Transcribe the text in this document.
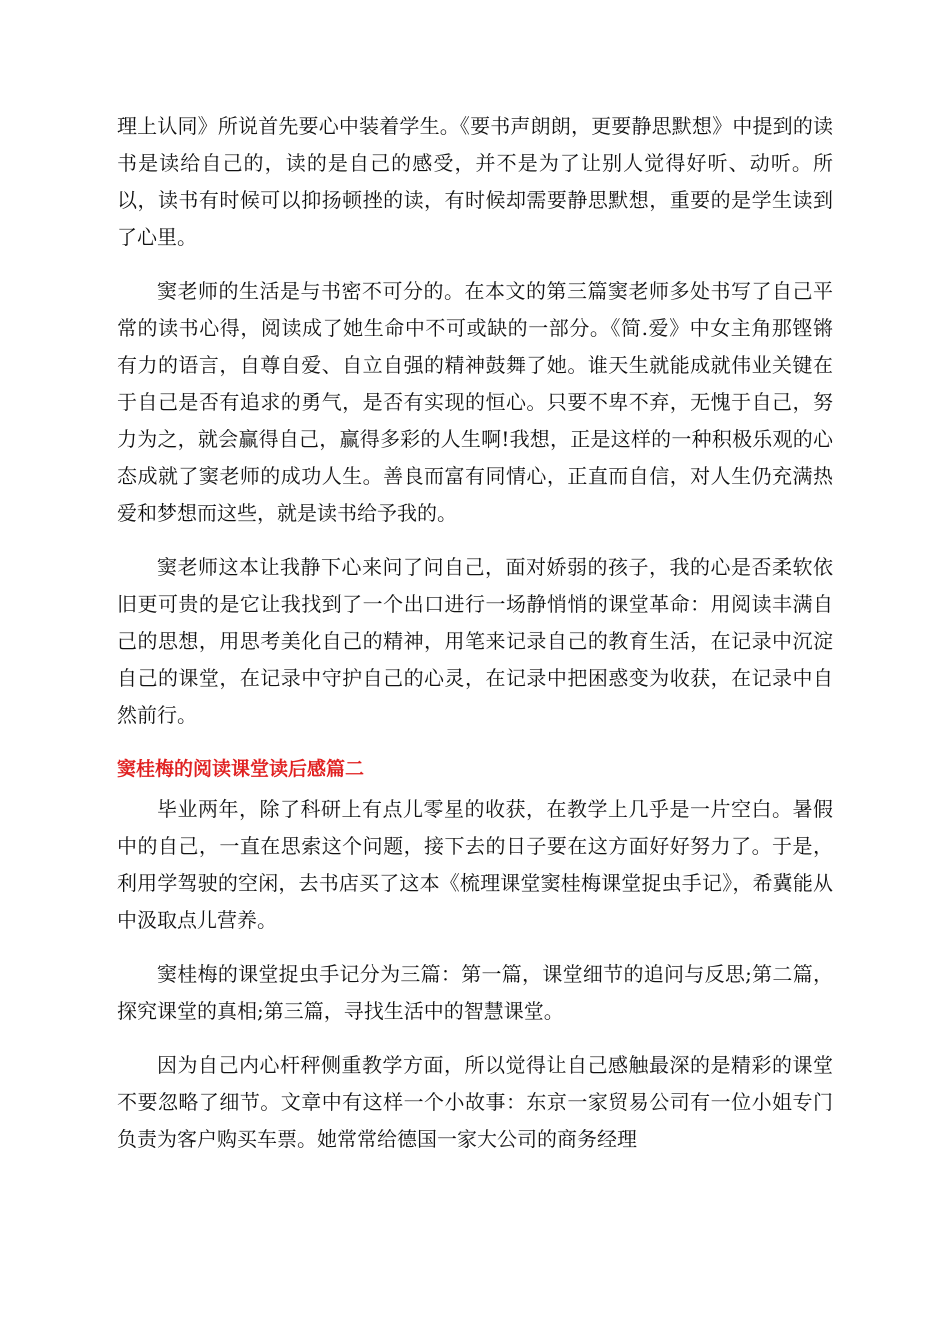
理上认同》所说首先要心中装着学生。《要书声朗朗，更要静思默想》中提到的读书是读给自己的，读的是自己的感受，并不是为了让别人觉得好听、动听。所以，读书有时候可以抑扬顿挫的读，有时候却需要静思默想，重要的是学生读到了心里。

窦老师的生活是与书密不可分的。在本文的第三篇窦老师多处书写了自己平常的读书心得，阅读成了她生命中不可或缺的一部分。《简.爱》中女主角那铿锵有力的语言，自尊自爱、自立自强的精神鼓舞了她。谁天生就能成就伟业关键在于自己是否有追求的勇气，是否有实现的恒心。只要不卑不弃，无愧于自己，努力为之，就会赢得自己，赢得多彩的人生啊!我想，正是这样的一种积极乐观的心态成就了窦老师的成功人生。善良而富有同情心，正直而自信，对人生仍充满热爱和梦想而这些，就是读书给予我的。

窦老师这本让我静下心来问了问自己，面对娇弱的孩子，我的心是否柔软依旧更可贵的是它让我找到了一个出口进行一场静悄悄的课堂革命：用阅读丰满自己的思想，用思考美化自己的精神，用笔来记录自己的教育生活，在记录中沉淀自己的课堂，在记录中守护自己的心灵，在记录中把困惑变为收获，在记录中自然前行。

窦桂梅的阅读课堂读后感篇二

毕业两年，除了科研上有点儿零星的收获，在教学上几乎是一片空白。暑假中的自己，一直在思索这个问题，接下去的日子要在这方面好好努力了。于是，利用学驾驶的空闲，去书店买了这本《梳理课堂窦桂梅课堂捉虫手记》，希冀能从中汲取点儿营养。

窦桂梅的课堂捉虫手记分为三篇：第一篇，课堂细节的追问与反思;第二篇，探究课堂的真相;第三篇，寻找生活中的智慧课堂。

因为自己内心杆秤侧重教学方面，所以觉得让自己感触最深的是精彩的课堂不要忽略了细节。文章中有这样一个小故事：东京一家贸易公司有一位小姐专门负责为客户购买车票。她常常给德国一家大公司的商务经理
